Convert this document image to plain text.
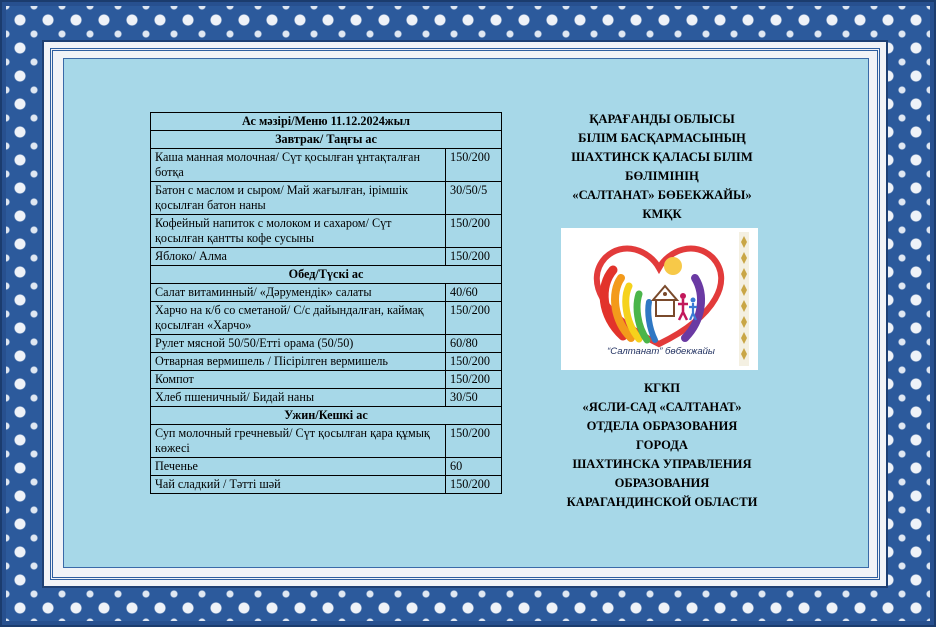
Ас мәзірі/Меню 11.12.2024жыл	
Завтрак/ Таңғы ас	
Каша манная молочная/ Сүт қосылған ұнтақталған ботқа	150/200
Батон с маслом и сыром/ Май жағылған, ірімшік қосылған батон наны	30/50/5
Кофейный напиток с молоком и сахаром/ Сүт қосылған қантты кофе сусыны	150/200
Яблоко/ Алма	150/200
Обед/Түскі ас	
Салат витаминный/ «Дәрумендік» салаты	40/60
Харчо на к/б со сметаной/ С/с дайындалған, каймақ қосылған «Харчо»	150/200
Рулет мясной 50/50/Етті орама (50/50)	60/80
Отварная вермишель / Пісірілген вермишель	150/200
Компот	150/200
Хлеб пшеничный/ Бидай наны	30/50
Ужин/Кешкі ас	
Суп молочный гречневый/ Сүт қосылған қара құмық көжесі	150/200
Печенье	60
Чай сладкий / Тәтті шәй	150/200
ҚАРАҒАНДЫ ОБЛЫСЫ
БІЛІМ БАСҚАРМАСЫНЫҢ
ШАХТИНСК ҚАЛАСЫ БІЛІМ
БӨЛІМІНІҢ
«САЛТАНАТ» БӨБЕКЖАЙЫ»
КМҚК
“Салтанат” бөбекжайы
КГКП
«ЯСЛИ-САД «САЛТАНАТ»
ОТДЕЛА ОБРАЗОВАНИЯ
ГОРОДА
ШАХТИНСКА УПРАВЛЕНИЯ
ОБРАЗОВАНИЯ
КАРАГАНДИНСКОЙ ОБЛАСТИ
